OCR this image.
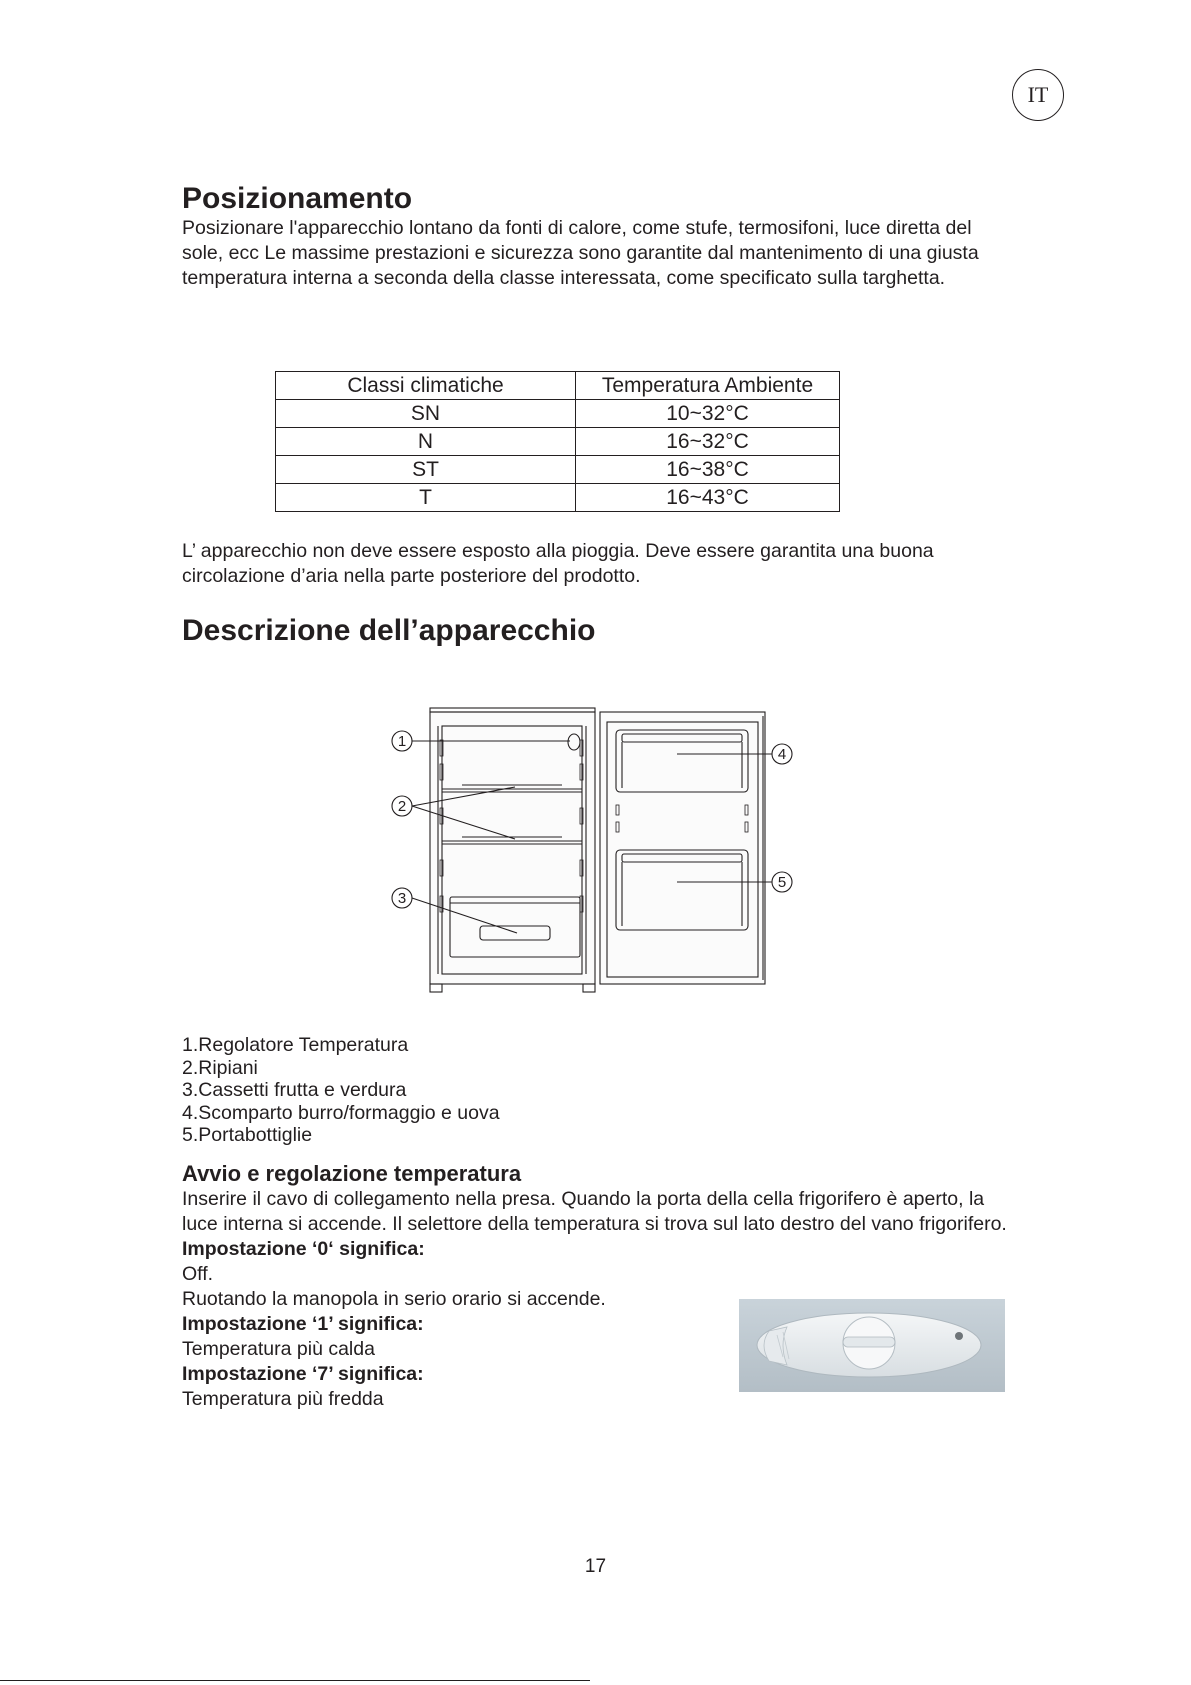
IT
Posizionamento

Posizionare l'apparecchio lontano da fonti di calore, come stufe, termosifoni, luce diretta del sole, ecc Le massime prestazioni e sicurezza sono garantite dal mantenimento di una giusta temperatura interna a seconda della classe interessata, come specificato sulla targhetta.

Classi climatiche	Temperatura Ambiente
SN	10~32°C
N	16~32°C
ST	16~38°C
T	16~43°C

L’ apparecchio non deve essere esposto alla pioggia. Deve essere garantita una buona circolazione d’aria nella parte posteriore del prodotto.

Descrizione dell’apparecchio
1
2
3
4
5
1.Regolatore Temperatura
2.Ripiani
3.Cassetti frutta e verdura
4.Scomparto burro/formaggio e uova
5.Portabottiglie
Avvio e regolazione temperatura

Inserire il cavo di collegamento nella presa. Quando la porta della cella frigorifero è aperto, la luce interna si accende. Il selettore della temperatura si trova sul lato destro del vano frigorifero.

Impostazione ‘0‘ significa:

Off.

Ruotando la manopola in serio orario si accende.

Impostazione ‘1’ significa:

Temperatura più calda

Impostazione ‘7’ significa:

Temperatura più fredda

17
